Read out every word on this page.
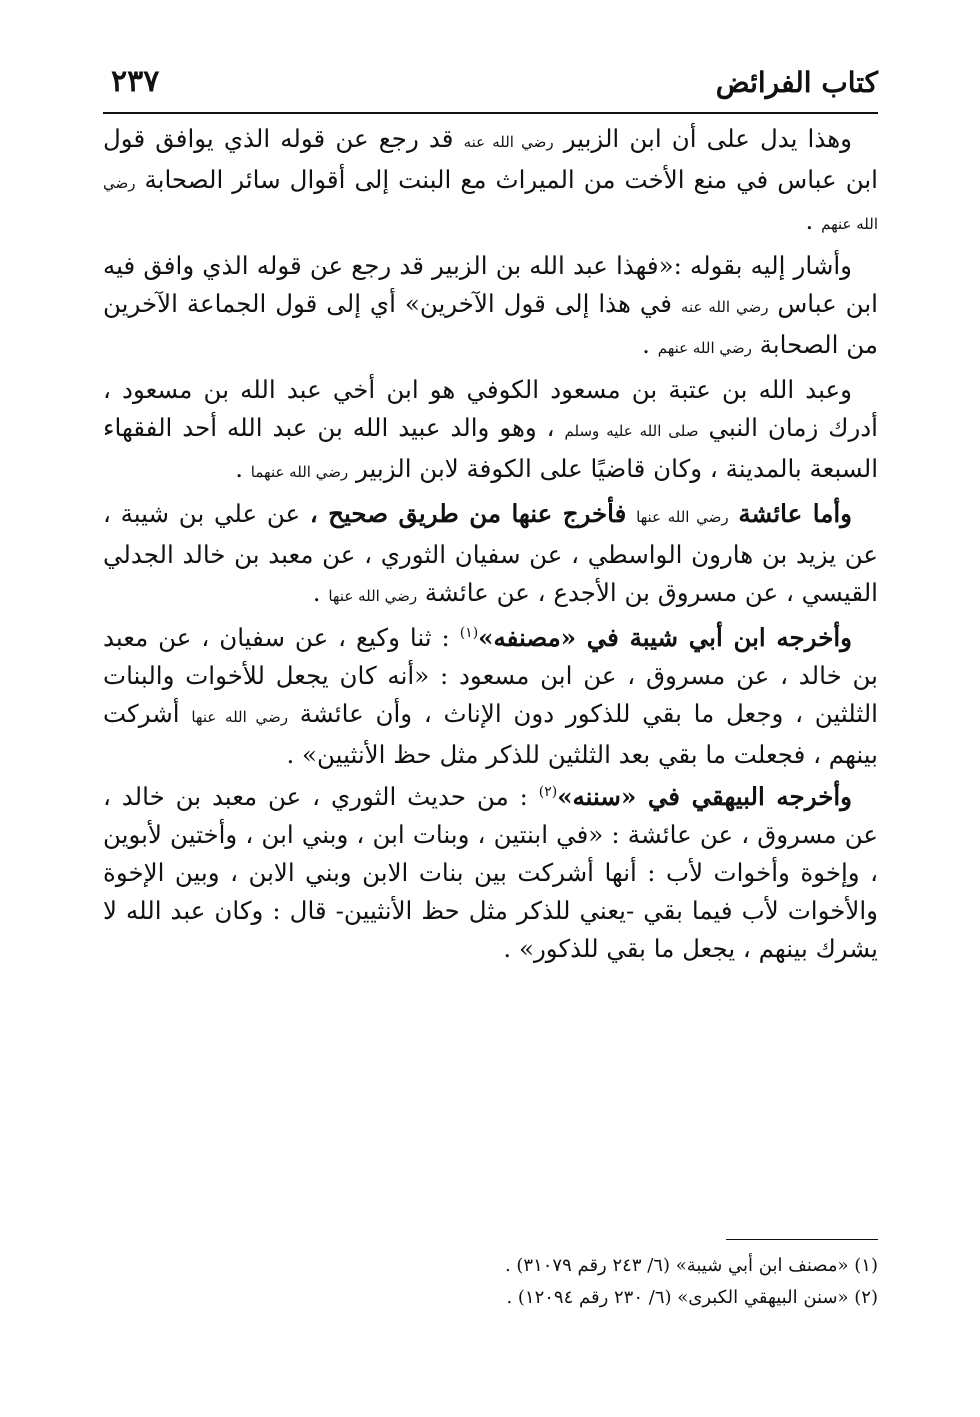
كتاب الفرائض
٢٣٧

وهذا يدل على أن ابن الزبير رضي الله عنه قد رجع عن قوله الذي يوافق قول ابن عباس في منع الأخت من الميراث مع البنت إلى أقوال سائر الصحابة رضي الله عنهم .

وأشار إليه بقوله :«فهذا عبد الله بن الزبير قد رجع عن قوله الذي وافق فيه ابن عباس رضي الله عنه في هذا إلى قول الآخرين» أي إلى قول الجماعة الآخرين من الصحابة رضي الله عنهم .

وعبد الله بن عتبة بن مسعود الكوفي هو ابن أخي عبد الله بن مسعود ، أدرك زمان النبي صلى الله عليه وسلم ، وهو والد عبيد الله بن عبد الله أحد الفقهاء السبعة بالمدينة ، وكان قاضيًا على الكوفة لابن الزبير رضي الله عنهما .

وأما عائشة رضي الله عنها فأخرج عنها من طريق صحيح ، عن علي بن شيبة ، عن يزيد بن هارون الواسطي ، عن سفيان الثوري ، عن معبد بن خالد الجدلي القيسي ، عن مسروق بن الأجدع ، عن عائشة رضي الله عنها .

وأخرجه ابن أبي شيبة في «مصنفه»$^{(١)}$ : ثنا وكيع ، عن سفيان ، عن معبد بن خالد ، عن مسروق ، عن ابن مسعود : «أنه كان يجعل للأخوات والبنات الثلثين ، وجعل ما بقي للذكور دون الإناث ، وأن عائشة رضي الله عنها أشركت بينهم ، فجعلت ما بقي بعد الثلثين للذكر مثل حظ الأنثيين» .

وأخرجه البيهقي في «سننه»$^{(٢)}$ : من حديث الثوري ، عن معبد بن خالد ، عن مسروق ، عن عائشة : «في ابنتين ، وبنات ابن ، وبني ابن ، وأختين لأبوين ، وإخوة وأخوات لأب : أنها أشركت بين بنات الابن وبني الابن ، وبين الإخوة والأخوات لأب فيما بقي -يعني للذكر مثل حظ الأنثيين- قال : وكان عبد الله لا يشرك بينهم ، يجعل ما بقي للذكور» .

(١) «مصنف ابن أبي شيبة» (٦/ ٢٤٣ رقم ٣١٠٧٩) .

(٢) «سنن البيهقي الكبرى» (٦/ ٢٣٠ رقم ١٢٠٩٤) .
